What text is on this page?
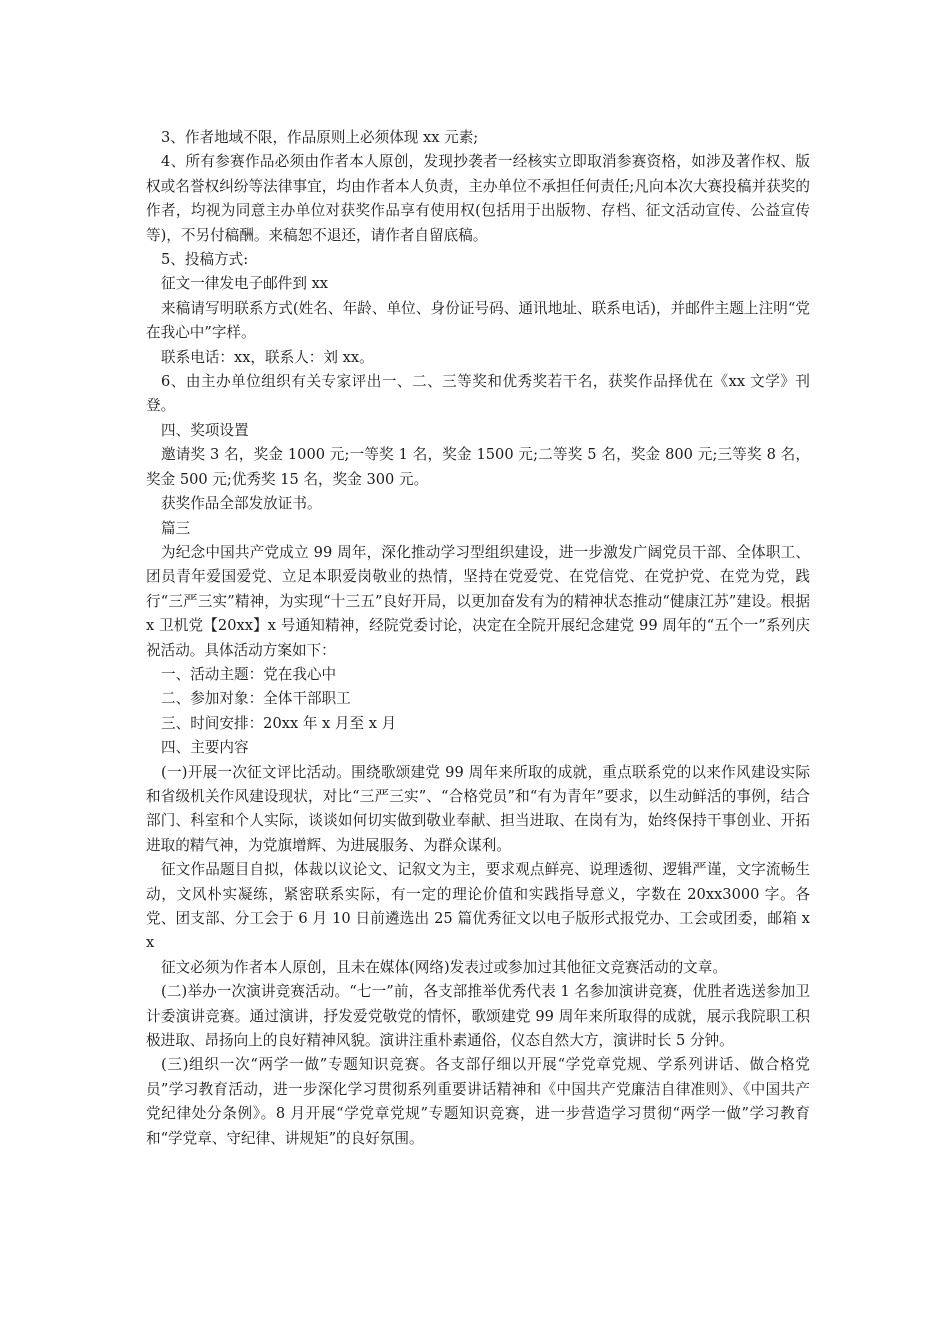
3、作者地域不限，作品原则上必须体现 xx 元素;

4、所有参赛作品必须由作者本人原创，发现抄袭者一经核实立即取消参赛资格，如涉及著作权、版权或名誉权纠纷等法律事宜，均由作者本人负责，主办单位不承担任何责任;凡向本次大赛投稿并获奖的作者，均视为同意主办单位对获奖作品享有使用权(包括用于出版物、存档、征文活动宣传、公益宣传等)，不另付稿酬。来稿恕不退还，请作者自留底稿。

5、投稿方式:

征文一律发电子邮件到 xx

来稿请写明联系方式(姓名、年龄、单位、身份证号码、通讯地址、联系电话)，并邮件主题上注明“党在我心中”字样。

联系电话：xx，联系人：刘 xx。

6、由主办单位组织有关专家评出一、二、三等奖和优秀奖若干名，获奖作品择优在《xx 文学》刊登。

四、奖项设置

邀请奖 3 名，奖金 1000 元;一等奖 1 名，奖金 1500 元;二等奖 5 名，奖金 800 元;三等奖 8 名，奖金 500 元;优秀奖 15 名，奖金 300 元。

获奖作品全部发放证书。

篇三

为纪念中国共产党成立 99 周年，深化推动学习型组织建设，进一步激发广阔党员干部、全体职工、团员青年爱国爱党、立足本职爱岗敬业的热情，坚持在党爱党、在党信党、在党护党、在党为党，践行“三严三实”精神，为实现“十三五”良好开局，以更加奋发有为的精神状态推动“健康江苏”建设。根据 x 卫机党【20xx】x 号通知精神，经院党委讨论，决定在全院开展纪念建党 99 周年的“五个一”系列庆祝活动。具体活动方案如下：

一、活动主题：党在我心中

二、参加对象：全体干部职工

三、时间安排：20xx 年 x 月至 x 月

四、主要内容

(一)开展一次征文评比活动。围绕歌颂建党 99 周年来所取的成就，重点联系党的以来作风建设实际和省级机关作风建设现状，对比“三严三实”、“合格党员”和“有为青年”要求，以生动鲜活的事例，结合部门、科室和个人实际，谈谈如何切实做到敬业奉献、担当进取、在岗有为，始终保持干事创业、开拓进取的精气神，为党旗增辉、为进展服务、为群众谋利。

征文作品题目自拟，体裁以议论文、记叙文为主，要求观点鲜亮、说理透彻、逻辑严谨，文字流畅生动，文风朴实凝练，紧密联系实际，有一定的理论价值和实践指导意义，字数在 20xx3000 字。各党、团支部、分工会于 6 月 10 日前遴选出 25 篇优秀征文以电子版形式报党办、工会或团委，邮箱 xx

征文必须为作者本人原创，且未在媒体(网络)发表过或参加过其他征文竞赛活动的文章。

(二)举办一次演讲竞赛活动。“七一”前，各支部推举优秀代表 1 名参加演讲竞赛，优胜者选送参加卫计委演讲竞赛。通过演讲，抒发爱党敬党的情怀，歌颂建党 99 周年来所取得的成就，展示我院职工积极进取、昂扬向上的良好精神风貌。演讲注重朴素通俗，仪态自然大方，演讲时长 5 分钟。

(三)组织一次“两学一做”专题知识竞赛。各支部仔细以开展“学党章党规、学系列讲话、做合格党员”学习教育活动，进一步深化学习贯彻系列重要讲话精神和《中国共产党廉洁自律准则》、《中国共产党纪律处分条例》。8 月开展“学党章党规”专题知识竞赛，进一步营造学习贯彻“两学一做”学习教育和“学党章、守纪律、讲规矩”的良好氛围。
